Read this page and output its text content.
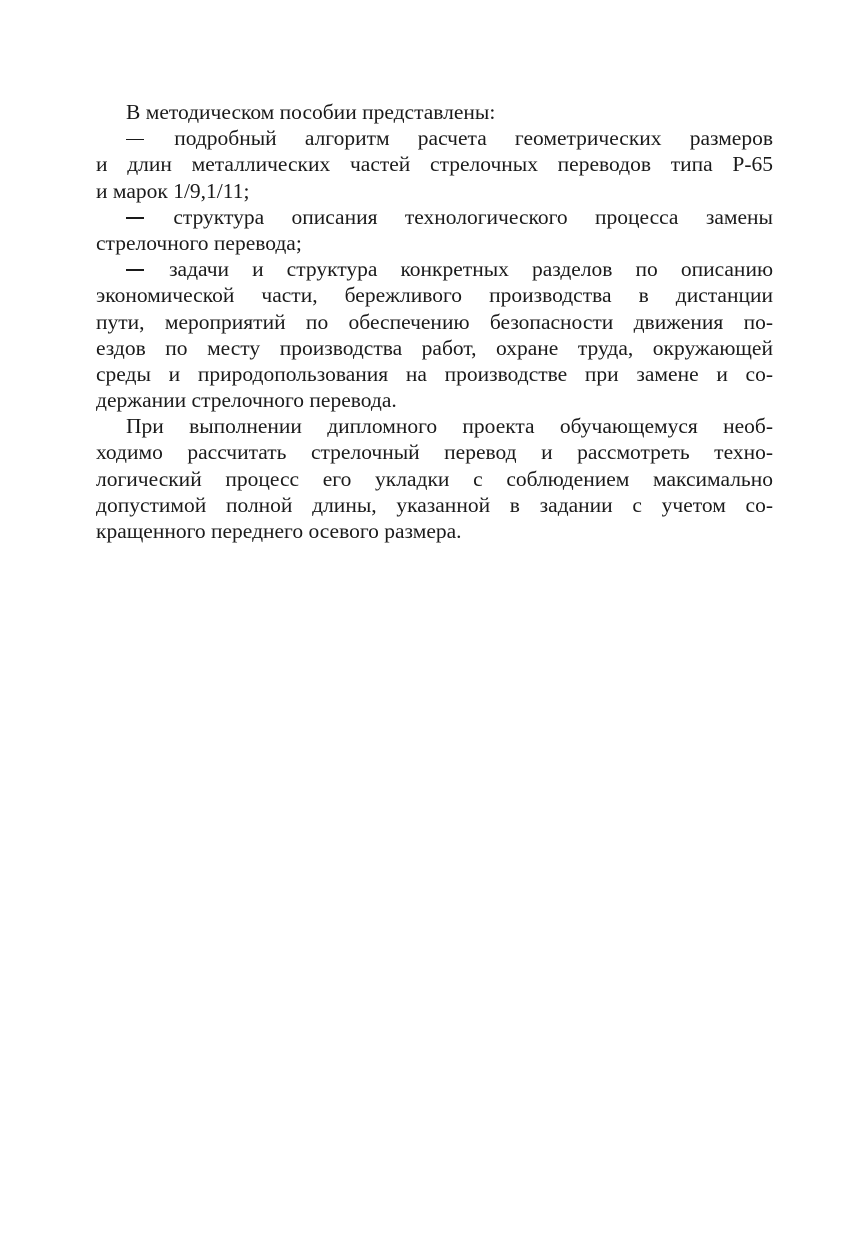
В методическом пособии представлены:
подробный алгоритм расчета геометрических размеров
и длин металлических частей стрелочных переводов типа Р-65
и марок 1/9,1/11;
структура описания технологического процесса замены
стрелочного перевода;
задачи и структура конкретных разделов по описанию
экономической части, бережливого производства в дистанции
пути, мероприятий по обеспечению безопасности движения по-
ездов по месту производства работ, охране труда, окружающей
среды и природопользования на производстве при замене и со-
держании стрелочного перевода.
При выполнении дипломного проекта обучающемуся необ-
ходимо рассчитать стрелочный перевод и рассмотреть техно-
логический процесс его укладки с соблюдением максимально
допустимой полной длины, указанной в задании с учетом со-
кращенного переднего осевого размера.
